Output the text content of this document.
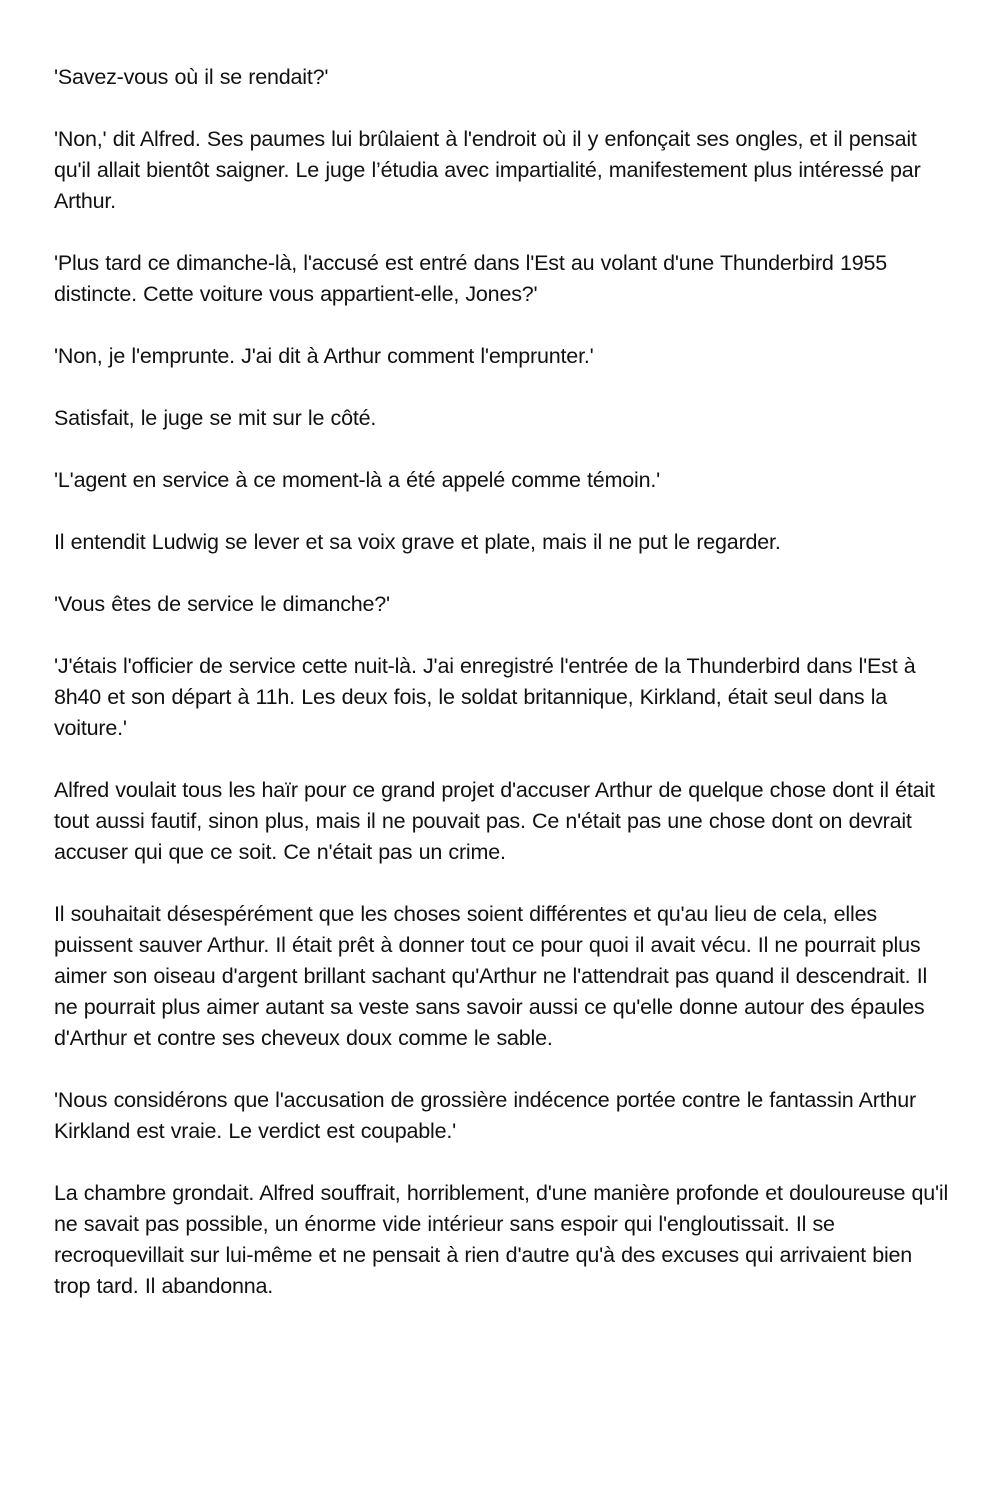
'Savez-vous où il se rendait?'

'Non,' dit Alfred. Ses paumes lui brûlaient à l'endroit où il y enfonçait ses ongles, et il pensait qu'il allait bientôt saigner. Le juge l’étudia avec impartialité, manifestement plus intéressé par Arthur.

'Plus tard ce dimanche-là, l'accusé est entré dans l'Est au volant d'une Thunderbird 1955 distincte. Cette voiture vous appartient-elle, Jones?'

'Non, je l'emprunte. J'ai dit à Arthur comment l'emprunter.'

Satisfait, le juge se mit sur le côté.

'L'agent en service à ce moment-là a été appelé comme témoin.'

Il entendit Ludwig se lever et sa voix grave et plate, mais il ne put le regarder.

'Vous êtes de service le dimanche?'

'J'étais l'officier de service cette nuit-là. J'ai enregistré l'entrée de la Thunderbird dans l'Est à 8h40 et son départ à 11h. Les deux fois, le soldat britannique, Kirkland, était seul dans la voiture.'

Alfred voulait tous les haïr pour ce grand projet d'accuser Arthur de quelque chose dont il était tout aussi fautif, sinon plus, mais il ne pouvait pas. Ce n'était pas une chose dont on devrait accuser qui que ce soit. Ce n'était pas un crime.

Il souhaitait désespérément que les choses soient différentes et qu'au lieu de cela, elles puissent sauver Arthur. Il était prêt à donner tout ce pour quoi il avait vécu. Il ne pourrait plus aimer son oiseau d'argent brillant sachant qu'Arthur ne l'attendrait pas quand il descendrait. Il ne pourrait plus aimer autant sa veste sans savoir aussi ce qu'elle donne autour des épaules d'Arthur et contre ses cheveux doux comme le sable.

'Nous considérons que l'accusation de grossière indécence portée contre le fantassin Arthur Kirkland est vraie. Le verdict est coupable.'

La chambre grondait. Alfred souffrait, horriblement, d'une manière profonde et douloureuse qu'il ne savait pas possible, un énorme vide intérieur sans espoir qui l'engloutissait. Il se recroquevillait sur lui-même et ne pensait à rien d'autre qu'à des excuses qui arrivaient bien trop tard. Il abandonna.
